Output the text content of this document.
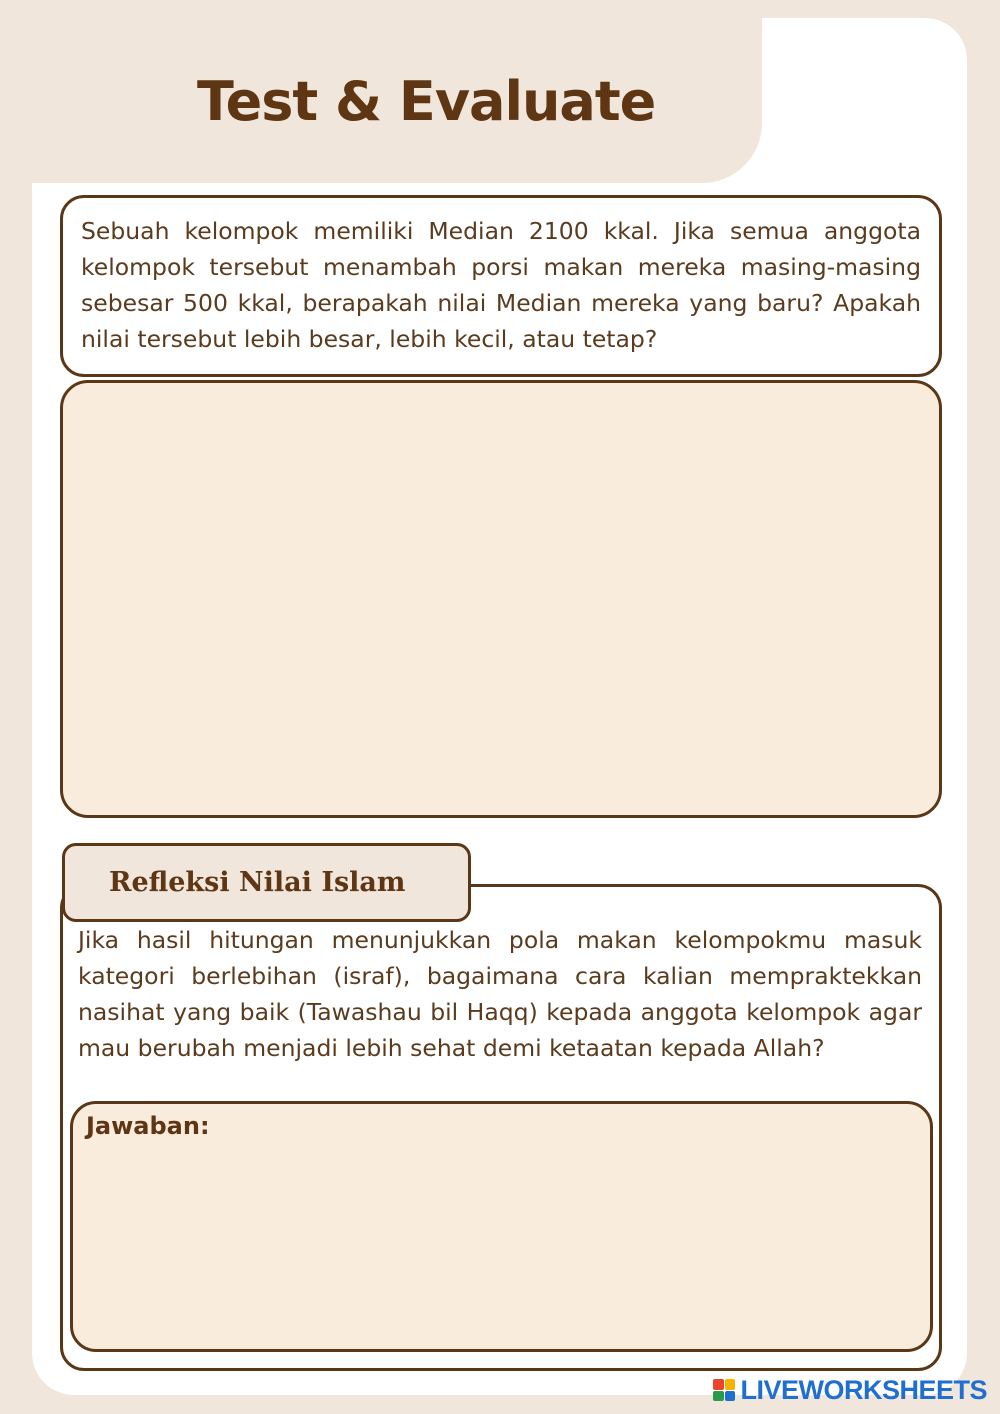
Test & Evaluate

Sebuah kelompok memiliki Median 2100 kkal. Jika semua anggota kelompok tersebut menambah porsi makan mereka masing-masing sebesar 500 kkal, berapakah nilai Median mereka yang baru? Apakah nilai tersebut lebih besar, lebih kecil, atau tetap?

Refleksi Nilai Islam

Jika hasil hitungan menunjukkan pola makan kelompokmu masuk kategori berlebihan (israf), bagaimana cara kalian mempraktekkan nasihat yang baik (Tawashau bil Haqq) kepada anggota kelompok agar mau berubah menjadi lebih sehat demi ketaatan kepada Allah?

Jawaban:
LIVEWORKSHEETS
